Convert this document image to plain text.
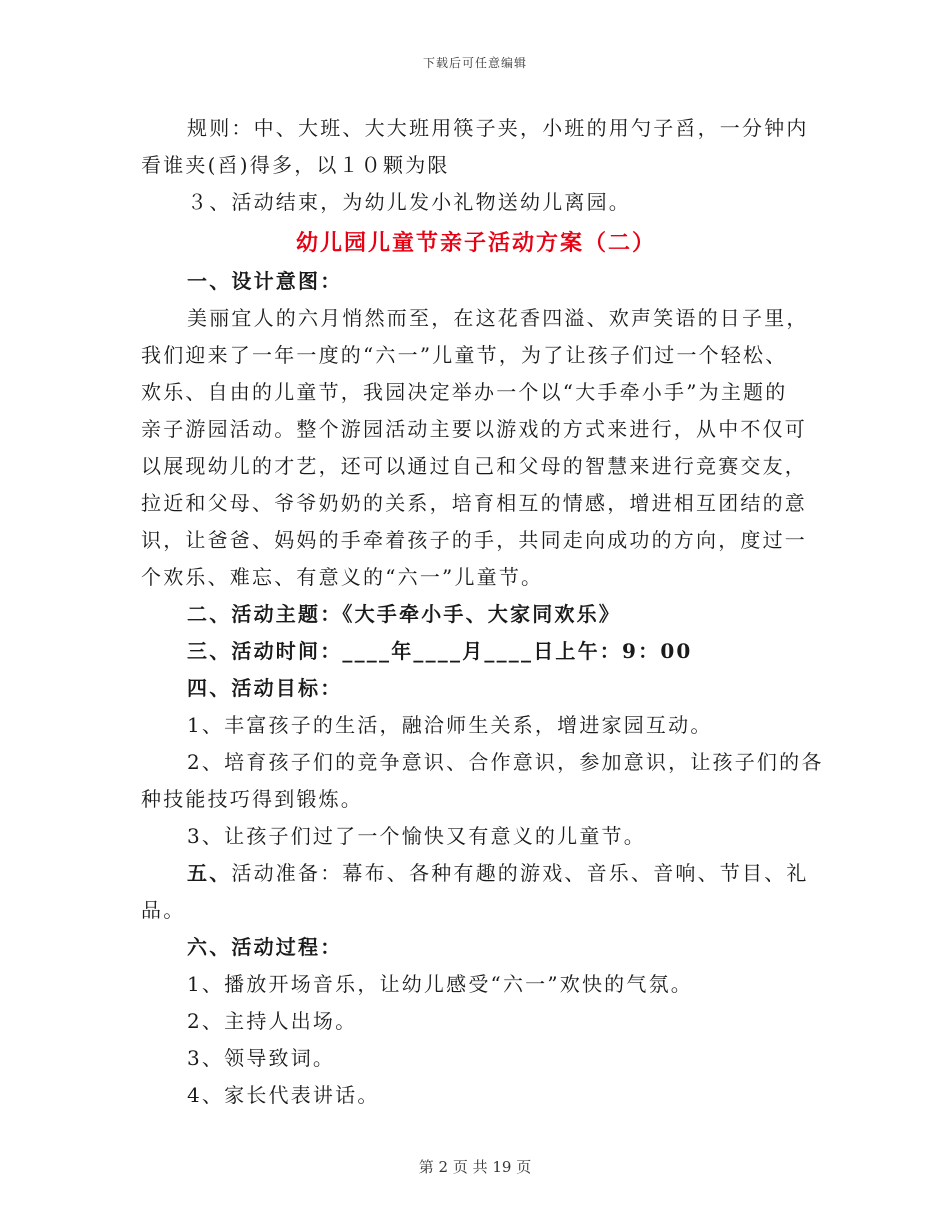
下载后可任意编辑
规则：中、大班、大大班用筷子夹，小班的用勺子舀，一分钟内
看谁夹(舀)得多，以１０颗为限
３、活动结束，为幼儿发小礼物送幼儿离园。
幼儿园儿童节亲子活动方案（二）
一、设计意图：
美丽宜人的六月悄然而至，在这花香四溢、欢声笑语的日子里，
我们迎来了一年一度的“六一”儿童节，为了让孩子们过一个轻松、
欢乐、自由的儿童节，我园决定举办一个以“大手牵小手”为主题的
亲子游园活动。整个游园活动主要以游戏的方式来进行，从中不仅可
以展现幼儿的才艺，还可以通过自己和父母的智慧来进行竞赛交友，
拉近和父母、爷爷奶奶的关系，培育相互的情感，增进相互团结的意
识，让爸爸、妈妈的手牵着孩子的手，共同走向成功的方向，度过一
个欢乐、难忘、有意义的“六一”儿童节。
二、活动主题：《大手牵小手、大家同欢乐》
三、活动时间：____年____月____日上午：9：00
四、活动目标：
1、丰富孩子的生活，融洽师生关系，增进家园互动。
2、培育孩子们的竞争意识、合作意识，参加意识，让孩子们的各
种技能技巧得到锻炼。
3、让孩子们过了一个愉快又有意义的儿童节。
五、活动准备：幕布、各种有趣的游戏、音乐、音响、节目、礼
品。
六、活动过程：
1、播放开场音乐，让幼儿感受“六一”欢快的气氛。
2、主持人出场。
3、领导致词。
4、家长代表讲话。
第 2 页 共 19 页
